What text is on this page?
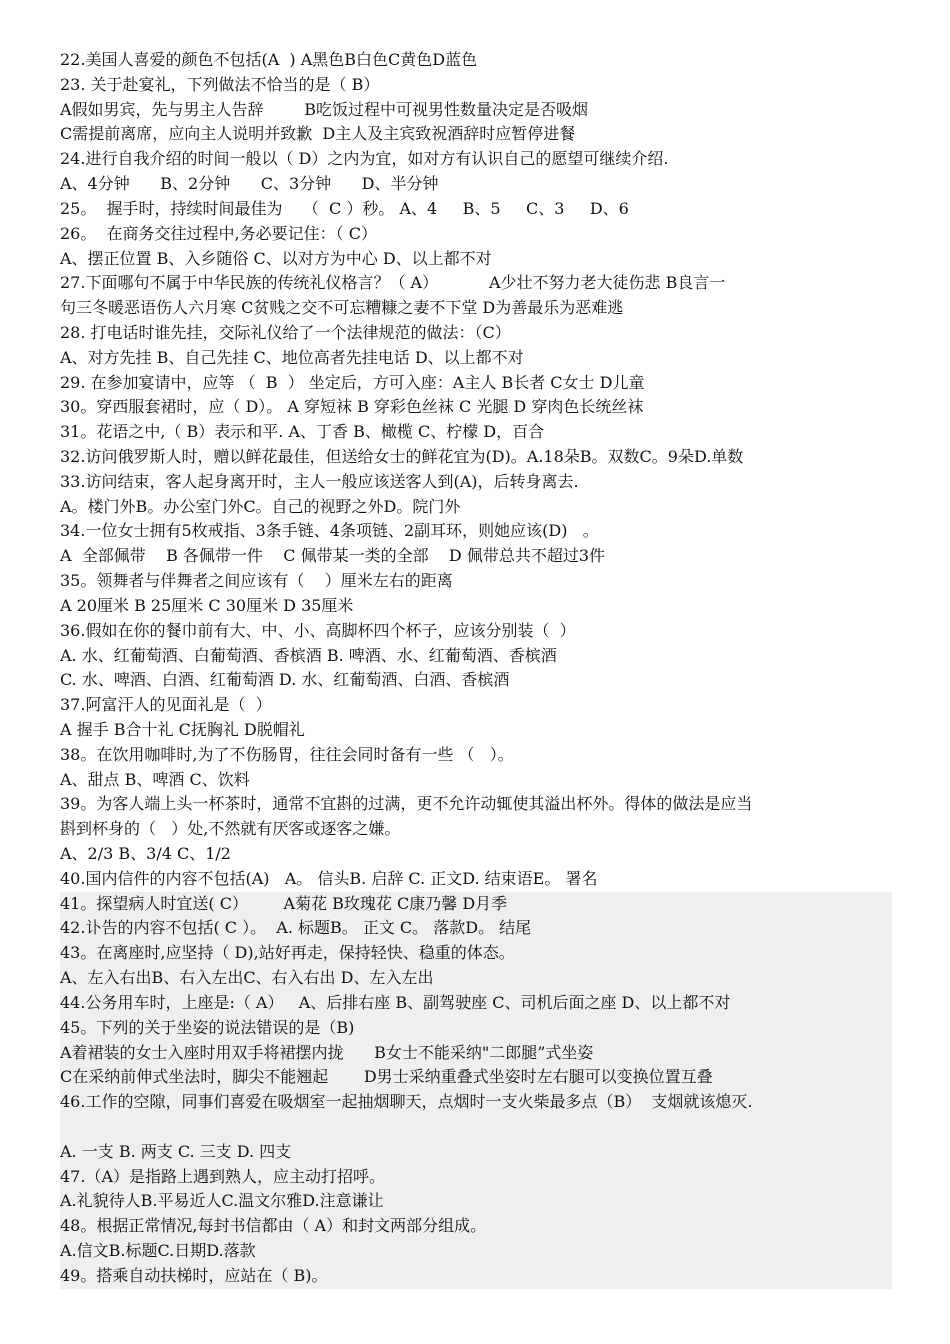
22.美国人喜爱的颜色不包括(A  ) A黑色B白色C黄色D蓝色
23. 关于赴宴礼，下列做法不恰当的是（ B）
A假如男宾，先与男主人告辞        B吃饭过程中可视男性数量决定是否吸烟
C需提前离席，应向主人说明并致歉  D主人及主宾致祝酒辞时应暂停进餐
24.进行自我介绍的时间一般以（ D）之内为宜，如对方有认识自己的愿望可继续介绍.
A、4分钟      B、2分钟      C、3分钟      D、半分钟
25。  握手时，持续时间最佳为    （  C ）秒。 A、4     B、5     C、3     D、6
26。  在商务交往过程中,务必要记住：（ C）
A、摆正位置 B、入乡随俗 C、以对方为中心 D、以上都不对
27.下面哪句不属于中华民族的传统礼仪格言？（ A）          A少壮不努力老大徒伤悲 B良言一
句三冬暖恶语伤人六月寒 C贫贱之交不可忘糟糠之妻不下堂 D为善最乐为恶难逃
28. 打电话时谁先挂，交际礼仪给了一个法律规范的做法：（C）
A、对方先挂 B、自己先挂 C、地位高者先挂电话 D、以上都不对
29. 在参加宴请中，应等 （  B  ） 坐定后，方可入座：A主人 B长者 C女士 D儿童
30。穿西服套裙时，应（ D）。 A 穿短袜 B 穿彩色丝袜 C 光腿 D 穿肉色长统丝袜
31。花语之中,（ B）表示和平. A、丁香 B、橄榄 C、柠檬 D，百合
32.访问俄罗斯人时，赠以鲜花最佳，但送给女士的鲜花宜为(D)。A.18朵B。双数C。9朵D.单数
33.访问结束，客人起身离开时，主人一般应该送客人到(A)，后转身离去.
A。楼门外B。办公室门外C。自己的视野之外D。院门外
34.一位女士拥有5枚戒指、3条手链、4条项链、2副耳环，则她应该(D)   。
A  全部佩带    B 各佩带一件    C 佩带某一类的全部    D 佩带总共不超过3件
35。领舞者与伴舞者之间应该有（    ）厘米左右的距离
A 20厘米 B 25厘米 C 30厘米 D 35厘米
36.假如在你的餐巾前有大、中、小、高脚杯四个杯子，应该分别装（  ）
A. 水、红葡萄酒、白葡萄酒、香槟酒 B. 啤酒、水、红葡萄酒、香槟酒
C. 水、啤酒、白酒、红葡萄酒 D. 水、红葡萄酒、白酒、香槟酒
37.阿富汗人的见面礼是（  ）
A 握手 B合十礼 C抚胸礼 D脱帽礼
38。在饮用咖啡时,为了不伤肠胃，往往会同时备有一些 （   ）。
A、甜点 B、啤酒 C、饮料
39。为客人端上头一杯茶时，通常不宜斟的过满，更不允许动辄使其溢出杯外。得体的做法是应当
斟到杯身的（   ）处,不然就有厌客或逐客之嫌。
A、2/3 B、3/4 C、1/2
40.国内信件的内容不包括(A)   A。 信头B. 启辞 C. 正文D. 结束语E。 署名
41。探望病人时宜送( C）       A菊花 B玫瑰花 C康乃馨 D月季
42.讣告的内容不包括( C ）。  A. 标题B。 正文 C。 落款D。 结尾
43。在离座时,应坚持（ D),站好再走，保持轻快、稳重的体态。
A、左入右出B、右入左出C、右入右出 D、左入左出
44.公务用车时，上座是:（ A）   A、后排右座 B、副驾驶座 C、司机后面之座 D、以上都不对
45。下列的关于坐姿的说法错误的是（B)
A着裙装的女士入座时用双手将裙摆内拢      B女士不能采纳"二郎腿”式坐姿
C在采纳前伸式坐法时，脚尖不能翘起       D男士采纳重叠式坐姿时左右腿可以变换位置互叠
46.工作的空隙，同事们喜爱在吸烟室一起抽烟聊天，点烟时一支火柴最多点（B）  支烟就该熄灭.
A. 一支 B. 两支 C. 三支 D. 四支
47.（A）是指路上遇到熟人，应主动打招呼。
A.礼貌待人B.平易近人C.温文尔雅D.注意谦让
48。根据正常情况,每封书信都由（ A）和封文两部分组成。
A.信文B.标题C.日期D.落款
49。搭乘自动扶梯时，应站在（ B)。
